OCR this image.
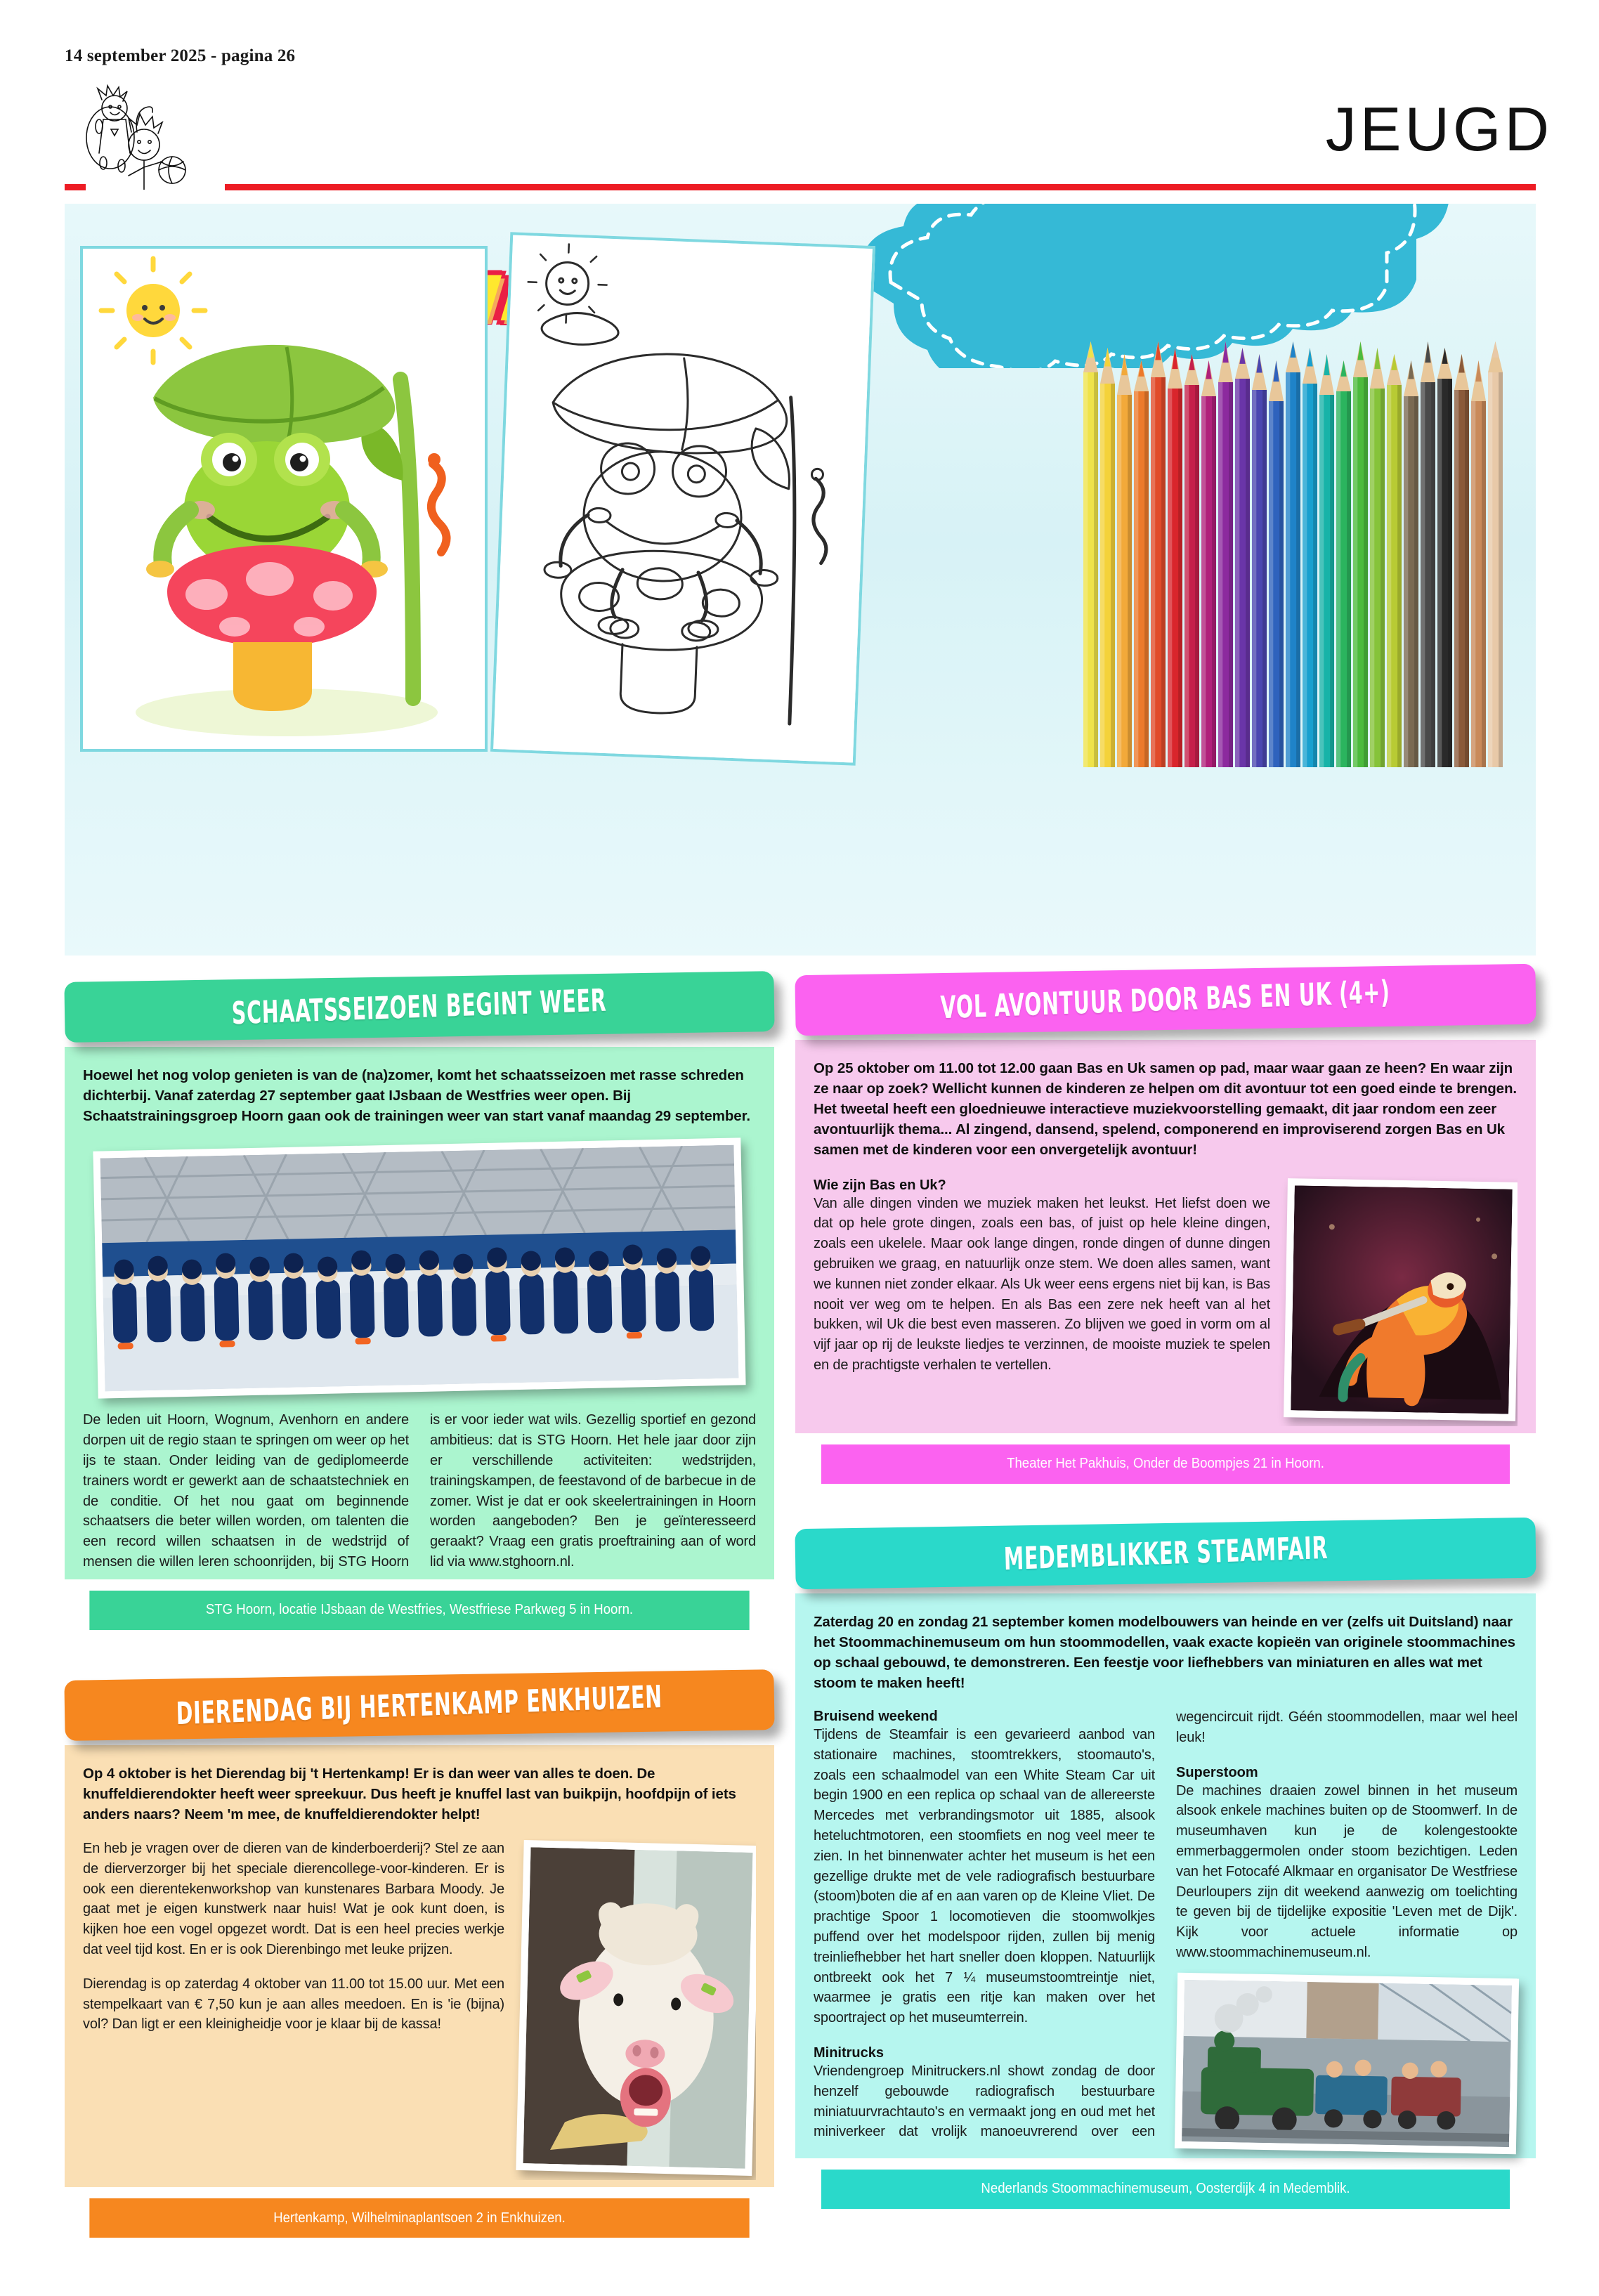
14 september 2025 - pagina 26
JEUGD
SCHAATSSEIZOEN BEGINT WEER

Hoewel het nog volop genieten is van de (na)zomer, komt het schaatsseizoen met rasse schreden dichterbij. Vanaf zaterdag 27 september gaat IJsbaan de Westfries weer open. Bij Schaatstrainingsgroep Hoorn gaan ook de trainingen weer van start vanaf maandag 29 september.

De leden uit Hoorn, Wognum, Avenhorn en andere dorpen uit de regio staan te springen om weer op het ijs te staan. Onder leiding van de gediplomeerde trainers wordt er gewerkt aan de schaatstechniek en de conditie. Of het nou gaat om beginnende schaatsers die beter willen worden, om talenten die een record willen schaatsen in de wedstrijd of mensen die willen leren schoonrijden, bij STG Hoorn is er voor ieder wat wils. Gezellig sportief en gezond ambitieus: dat is STG Hoorn. Het hele jaar door zijn er verschillende activiteiten: wedstrijden, trainingskampen, de feestavond of de barbecue in de zomer. Wist je dat er ook skeelertrainingen in Hoorn worden aangeboden? Ben je geïnteresseerd geraakt? Vraag een gratis proeftraining aan of word lid via www.stghoorn.nl.
STG Hoorn, locatie IJsbaan de Westfries, Westfriese Parkweg 5 in Hoorn.
DIERENDAG BIJ HERTENKAMP ENKHUIZEN

Op 4 oktober is het Dierendag bij 't Hertenkamp! Er is dan weer van alles te doen. De knuffeldierendokter heeft weer spreekuur. Dus heeft je knuffel last van buikpijn, hoofdpijn of iets anders naars? Neem 'm mee, de knuffeldierendokter helpt!

En heb je vragen over de dieren van de kinderboerderij? Stel ze aan de dierverzorger bij het speciale dierencollege-voor-kinderen. Er is ook een dierentekenworkshop van kunstenares Barbara Moody. Je gaat met je eigen kunstwerk naar huis! Wat je ook kunt doen, is kijken hoe een vogel opgezet wordt. Dat is een heel precies werkje dat veel tijd kost. En er is ook Dierenbingo met leuke prijzen.

Dierendag is op zaterdag 4 oktober van 11.00 tot 15.00 uur. Met een stempelkaart van € 7,50 kun je aan alles meedoen. En is 'ie (bijna) vol? Dan ligt er een kleinigheidje voor je klaar bij de kassa!

Hertenkamp, Wilhelminaplantsoen 2 in Enkhuizen.
VOL AVONTUUR DOOR BAS EN UK (4+)

Op 25 oktober om 11.00 tot 12.00 gaan Bas en Uk samen op pad, maar waar gaan ze heen? En waar zijn ze naar op zoek? Wellicht kunnen de kinderen ze helpen om dit avontuur tot een goed einde te brengen. Het tweetal heeft een gloednieuwe interactieve muziekvoorstelling gemaakt, dit jaar rondom een zeer avontuurlijk thema... Al zingend, dansend, spelend, componerend en improviserend zorgen Bas en Uk samen met de kinderen voor een onvergetelijk avontuur!

Wie zijn Bas en Uk?

Van alle dingen vinden we muziek maken het leukst. Het liefst doen we dat op hele grote dingen, zoals een bas, of juist op hele kleine dingen, zoals een ukelele. Maar ook lange dingen, ronde dingen of dunne dingen gebruiken we graag, en natuurlijk onze stem. We doen alles samen, want we kunnen niet zonder elkaar. Als Uk weer eens ergens niet bij kan, is Bas nooit ver weg om te helpen. En als Bas een zere nek heeft van al het bukken, wil Uk die best even masseren. Zo blijven we goed in vorm om al vijf jaar op rij de leukste liedjes te verzinnen, de mooiste muziek te spelen en de prachtigste verhalen te vertellen.

Theater Het Pakhuis, Onder de Boompjes 21 in Hoorn.
MEDEMBLIKKER STEAMFAIR

Zaterdag 20 en zondag 21 september komen modelbouwers van heinde en ver (zelfs uit Duitsland) naar het Stoommachinemuseum om hun stoommodellen, vaak exacte kopieën van originele stoommachines op schaal gebouwd, te demonstreren. Een feestje voor liefhebbers van miniaturen en alles wat met stoom te maken heeft!

Bruisend weekend

Tijdens de Steamfair is een gevarieerd aanbod van stationaire machines, stoomtrekkers, stoomauto's, zoals een schaalmodel van een White Steam Car uit begin 1900 en een replica op schaal van de allereerste Mercedes met verbrandingsmotor uit 1885, alsook heteluchtmotoren, een stoomfiets en nog veel meer te zien. In het binnenwater achter het museum is het een gezellige drukte met de vele radiografisch bestuurbare (stoom)boten die af en aan varen op de Kleine Vliet. De prachtige Spoor 1 locomotieven die stoomwolkjes puffend over het modelspoor rijden, zullen bij menig treinliefhebber het hart sneller doen kloppen. Natuurlijk ontbreekt ook het 7 ¼ museumstoomtreintje niet, waarmee je gratis een ritje kan maken over het spoortraject op het museumterrein.

Minitrucks

Vriendengroep Minitruckers.nl showt zondag de door henzelf gebouwde radiografisch bestuurbare miniatuurvrachtauto's en vermaakt jong en oud met het miniverkeer dat vrolijk manoeuvrerend over een wegencircuit rijdt. Géén stoommodellen, maar wel heel leuk!

Superstoom

De machines draaien zowel binnen in het museum alsook enkele machines buiten op de Stoomwerf. In de museumhaven kun je de kolengestookte emmerbaggermolen onder stoom bezichtigen. Leden van het Fotocafé Alkmaar en organisator De Westfriese Deurloupers zijn dit weekend aanwezig om toelichting te geven bij de tijdelijke expositie 'Leven met de Dijk'. Kijk voor actuele informatie op www.stoommachinemuseum.nl.

Nederlands Stoommachinemuseum, Oosterdijk 4 in Medemblik.
